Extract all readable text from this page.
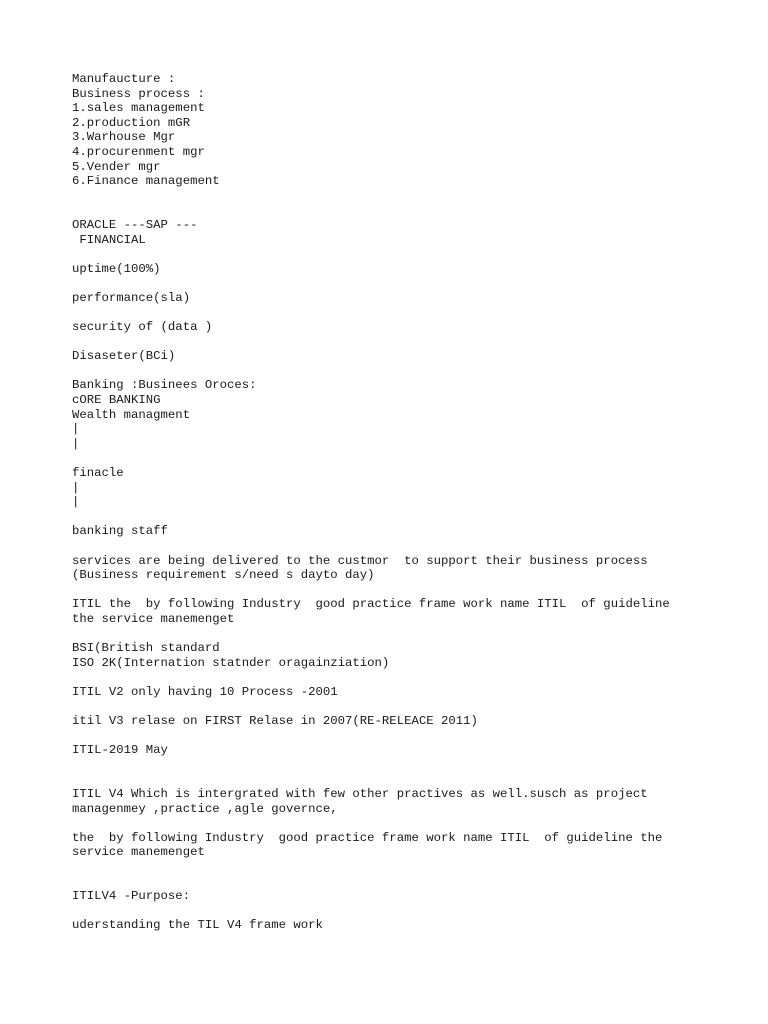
Manufaucture :
Business process :
1.sales management
2.production mGR
3.Warhouse Mgr
4.procurenment mgr
5.Vender mgr
6.Finance management
ORACLE ---SAP ---
FINANCIAL
uptime(100%)
performance(sla)
security of (data )
Disaseter(BCi)
Banking :Businees Oroces:
cORE BANKING
Wealth managment
|
|
finacle
|
|
banking staff
services are being delivered to the custmor  to support their business process
(Business requirement s/need s dayto day)
ITIL the  by following Industry  good practice frame work name ITIL  of guideline
the service manemenget
BSI(British standard
ISO 2K(Internation statnder oragainziation)
ITIL V2 only having 10 Process -2001
itil V3 relase on FIRST Relase in 2007(RE-RELEACE 2011)
ITIL-2019 May
ITIL V4 Which is intergrated with few other practives as well.susch as project
managenmey ,practice ,agle governce,
the  by following Industry  good practice frame work name ITIL  of guideline the
service manemenget
ITILV4 -Purpose:
uderstanding the TIL V4 frame work
